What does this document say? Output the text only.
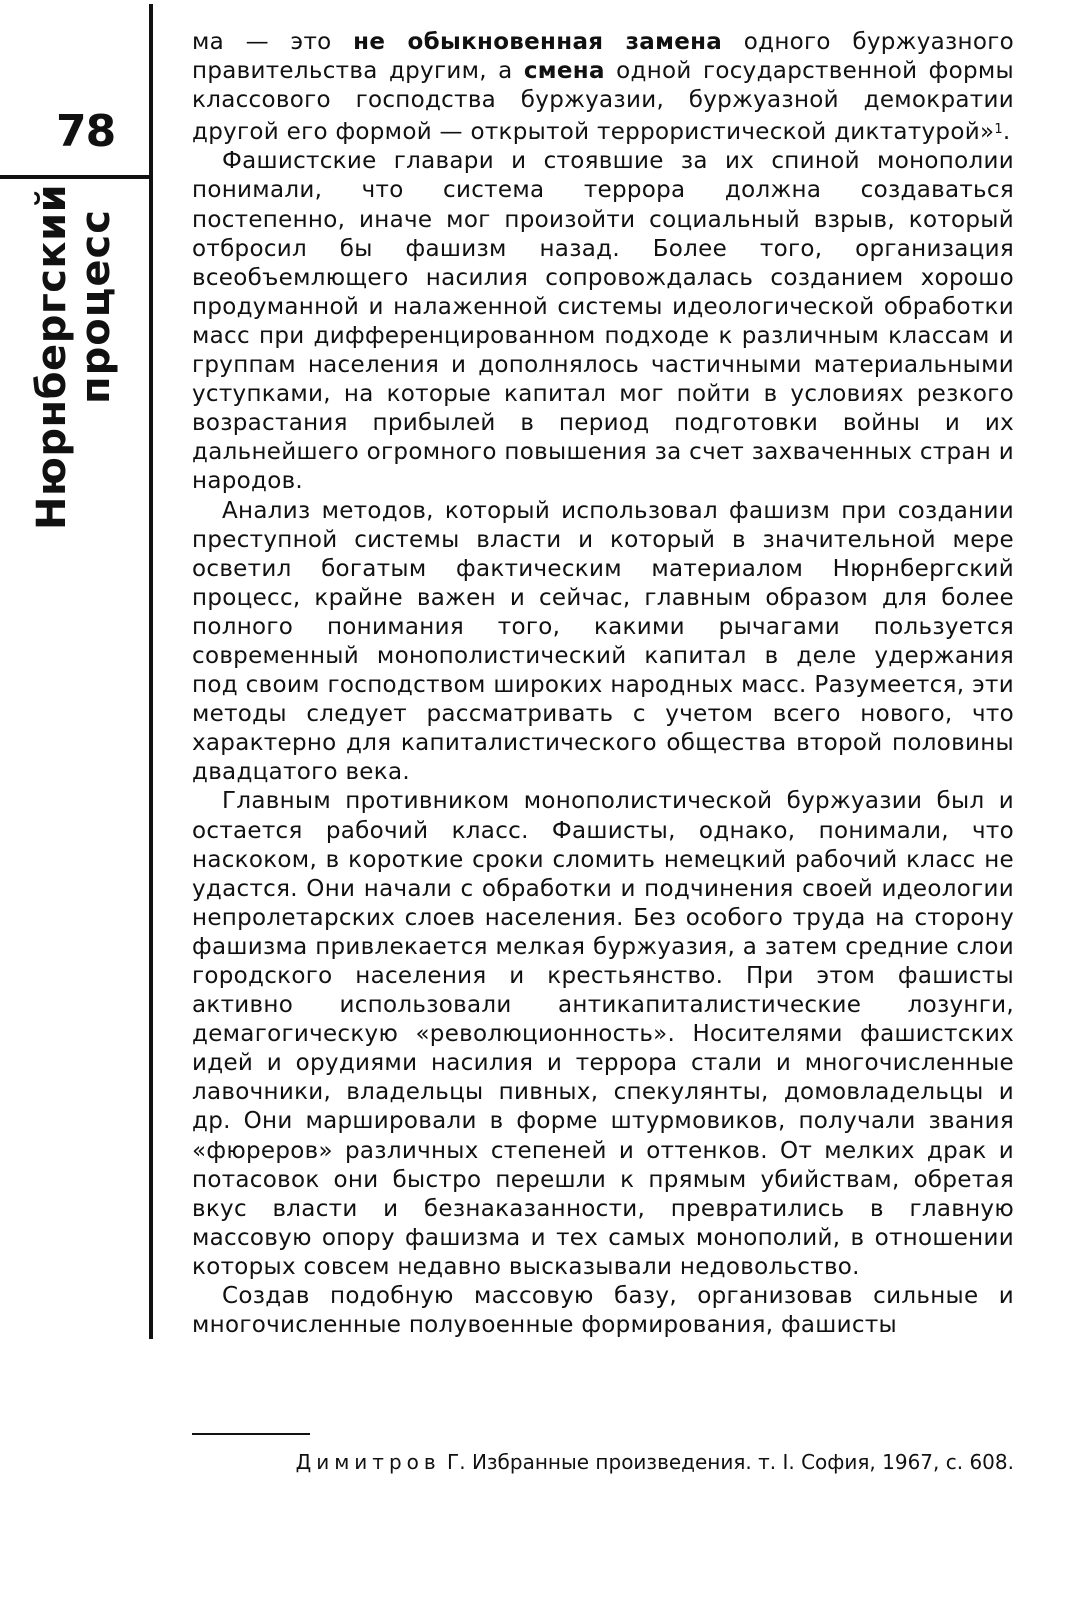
78
Нюрнбергский
процесс

ма — это не обыкновенная замена одного буржуазного правительства другим, а смена одной государственной формы классового господства буржуазии, буржуазной демократии другой его формой — открытой террористической диктатурой»$^1$.

Фашистские главари и стоявшие за их спиной монополии понимали, что система террора должна создаваться постепенно, иначе мог произойти социальный взрыв, который отбросил бы фашизм назад. Более того, организация всеобъемлющего насилия сопровождалась созданием хорошо продуманной и налаженной системы идеологической обработки масс при дифференцированном подходе к различным классам и группам населения и дополнялось частичными материальными уступками, на которые капитал мог пойти в условиях резкого возрастания прибылей в период подготовки войны и их дальнейшего огромного повышения за счет захваченных стран и народов.

Анализ методов, который использовал фашизм при создании преступной системы власти и который в значительной мере осветил богатым фактическим материалом Нюрнбергский процесс, крайне важен и сейчас, главным образом для более полного понимания того, какими рычагами пользуется современный монополистический капитал в деле удержания под своим господством широких народных масс. Разумеется, эти методы следует рассматривать с учетом всего нового, что характерно для капиталистического общества второй половины двадцатого века.

Главным противником монополистической буржуазии был и остается рабочий класс. Фашисты, однако, понимали, что наскоком, в короткие сроки сломить немецкий рабочий класс не удастся. Они начали с обработки и подчинения своей идеологии непролетарских слоев населения. Без особого труда на сторону фашизма привлекается мелкая буржуазия, а затем средние слои городского населения и крестьянство. При этом фашисты активно использовали антикапиталистические лозунги, демагогическую «революционность». Носителями фашистских идей и орудиями насилия и террора стали и многочисленные лавочники, владельцы пивных, спекулянты, домовладельцы и др. Они маршировали в форме штурмовиков, получали звания «фюреров» различных степеней и оттенков. От мелких драк и потасовок они быстро перешли к прямым убийствам, обретая вкус власти и безнаказанности, превратились в главную массовую опору фашизма и тех самых монополий, в отношении которых совсем недавно высказывали недовольство.

Создав подобную массовую базу, организовав сильные и многочисленные полувоенные формирования, фашисты

Димитров Г. Избранные произведения. т. I. София, 1967, с. 608.
